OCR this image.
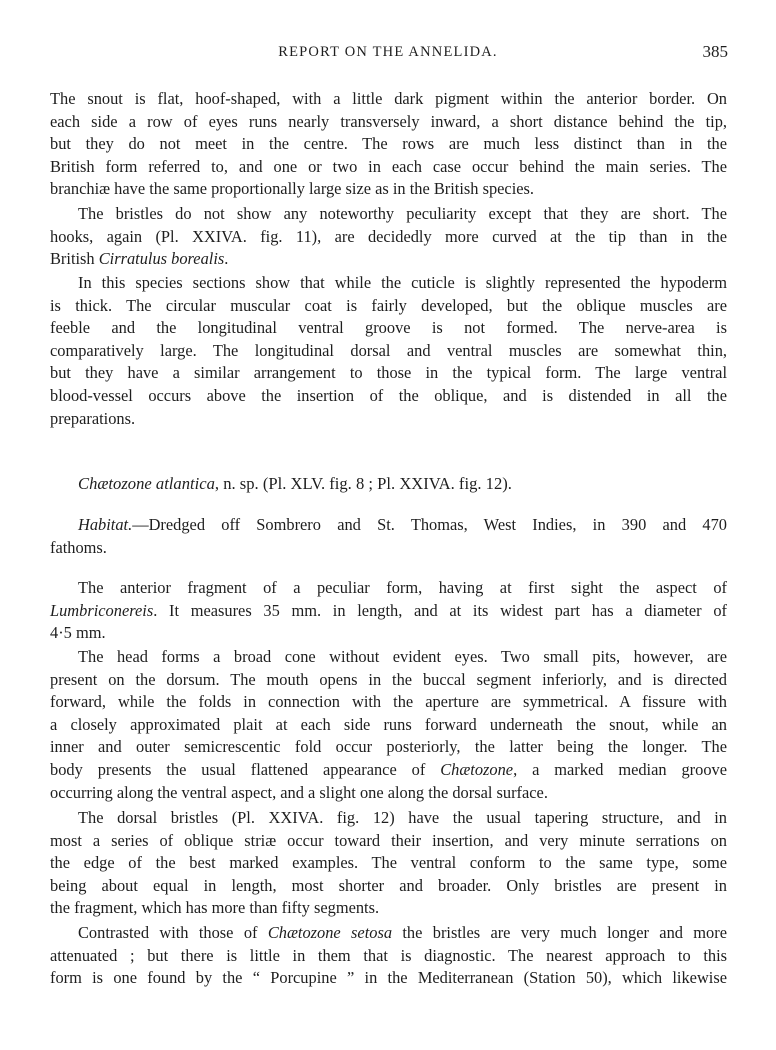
REPORT ON THE ANNELIDA.	385

The snout is flat, hoof-shaped, with a little dark pigment within the anterior border. On
each side a row of eyes runs nearly transversely inward, a short distance behind the tip,
but they do not meet in the centre. The rows are much less distinct than in the
British form referred to, and one or two in each case occur behind the main series. The
branchiæ have the same proportionally large size as in the British species.

The bristles do not show any noteworthy peculiarity except that they are short. The
hooks, again (Pl. XXIVA. fig. 11), are decidedly more curved at the tip than in the
British Cirratulus borealis.

In this species sections show that while the cuticle is slightly represented the hypoderm
is thick. The circular muscular coat is fairly developed, but the oblique muscles are
feeble and the longitudinal ventral groove is not formed. The nerve-area is
comparatively large. The longitudinal dorsal and ventral muscles are somewhat thin,
but they have a similar arrangement to those in the typical form. The large ventral
blood-vessel occurs above the insertion of the oblique, and is distended in all the
preparations.

Chætozone atlantica, n. sp. (Pl. XLV. fig. 8 ; Pl. XXIVA. fig. 12).

Habitat.—Dredged off Sombrero and St. Thomas, West Indies, in 390 and 470
fathoms.

The anterior fragment of a peculiar form, having at first sight the aspect of
Lumbriconereis. It measures 35 mm. in length, and at its widest part has a diameter of
4·5 mm.

The head forms a broad cone without evident eyes. Two small pits, however, are
present on the dorsum. The mouth opens in the buccal segment inferiorly, and is directed
forward, while the folds in connection with the aperture are symmetrical. A fissure with
a closely approximated plait at each side runs forward underneath the snout, while an
inner and outer semicrescentic fold occur posteriorly, the latter being the longer. The
body presents the usual flattened appearance of Chætozone, a marked median groove
occurring along the ventral aspect, and a slight one along the dorsal surface.

The dorsal bristles (Pl. XXIVA. fig. 12) have the usual tapering structure, and in
most a series of oblique striæ occur toward their insertion, and very minute serrations on
the edge of the best marked examples. The ventral conform to the same type, some
being about equal in length, most shorter and broader. Only bristles are present in
the fragment, which has more than fifty segments.

Contrasted with those of Chætozone setosa the bristles are very much longer and more
attenuated ; but there is little in them that is diagnostic. The nearest approach to this
form is one found by the “ Porcupine ” in the Mediterranean (Station 50), which likewise
